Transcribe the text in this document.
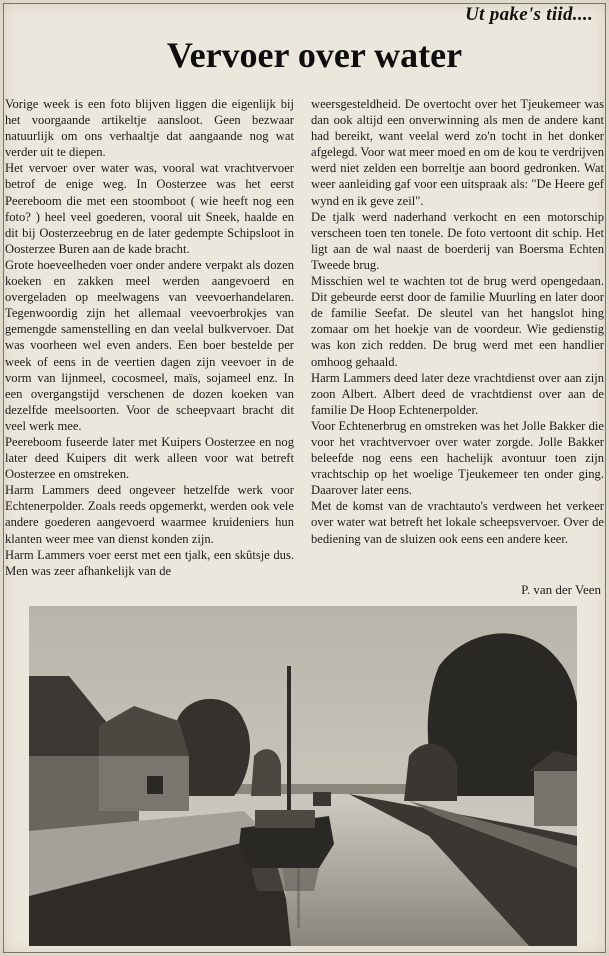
Ut pake's tiid....
Vervoer over water

Vorige week is een foto blijven liggen die eigenlijk bij het voorgaande artikeltje aansloot. Geen bezwaar natuurlijk om ons verhaaltje dat aangaande nog wat verder uit te diepen.

Het vervoer over water was, vooral wat vrachtvervoer betrof de enige weg. In Oosterzee was het eerst Peereboom die met een stoomboot ( wie heeft nog een foto? ) heel veel goederen, vooral uit Sneek, haalde en dit bij Oosterzeebrug en de later gedempte Schipsloot in Oosterzee Buren aan de kade bracht.

Grote hoeveelheden voer onder andere verpakt als dozen koeken en zakken meel werden aangevoerd en overgeladen op meelwagens van veevoerhandelaren. Tegenwoordig zijn het allemaal veevoerbrokjes van gemengde samenstelling en dan veelal bulkvervoer. Dat was voorheen wel even anders. Een boer bestelde per week of eens in de veertien dagen zijn veevoer in de vorm van lijnmeel, cocosmeel, maïs, sojameel enz. In een overgangstijd verschenen de dozen koeken van dezelfde meelsoorten. Voor de scheepvaart bracht dit veel werk mee.

Peereboom fuseerde later met Kuipers Oosterzee en nog later deed Kuipers dit werk alleen voor wat betreft Oosterzee en omstreken.

Harm Lammers deed ongeveer hetzelfde werk voor Echtenerpolder. Zoals reeds opgemerkt, werden ook vele andere goederen aangevoerd waarmee kruideniers hun klanten weer mee van dienst konden zijn.

Harm Lammers voer eerst met een tjalk, een skûtsje dus. Men was zeer afhankelijk van de

weersgesteldheid. De overtocht over het Tjeukemeer was dan ook altijd een onverwinning als men de andere kant had bereikt, want veelal werd zo'n tocht in het donker afgelegd. Voor wat meer moed en om de kou te verdrijven werd niet zelden een borreltje aan boord gedronken. Wat weer aanleiding gaf voor een uitspraak als: "De Heere gef wynd en ik geve zeil".

De tjalk werd naderhand verkocht en een motorschip verscheen toen ten tonele. De foto vertoont dit schip. Het ligt aan de wal naast de boerderij van Boersma Echten Tweede brug.

Misschien wel te wachten tot de brug werd opengedaan. Dit gebeurde eerst door de familie Muurling en later door de familie Seefat. De sleutel van het hangslot hing zomaar om het hoekje van de voordeur. Wie gedienstig was kon zich redden. De brug werd met een handlier omhoog gehaald.

Harm Lammers deed later deze vrachtdienst over aan zijn zoon Albert. Albert deed de vrachtdienst over aan de familie De Hoop Echtenerpolder.

Voor Echtenerbrug en omstreken was het Jolle Bakker die voor het vrachtvervoer over water zorgde. Jolle Bakker beleefde nog eens een hachelijk avontuur toen zijn vrachtschip op het woelige Tjeukemeer ten onder ging. Daarover later eens.

Met de komst van de vrachtauto's verdween het verkeer over water wat betreft het lokale scheepsvervoer. Over de bediening van de sluizen ook eens een andere keer.

P. van der Veen
